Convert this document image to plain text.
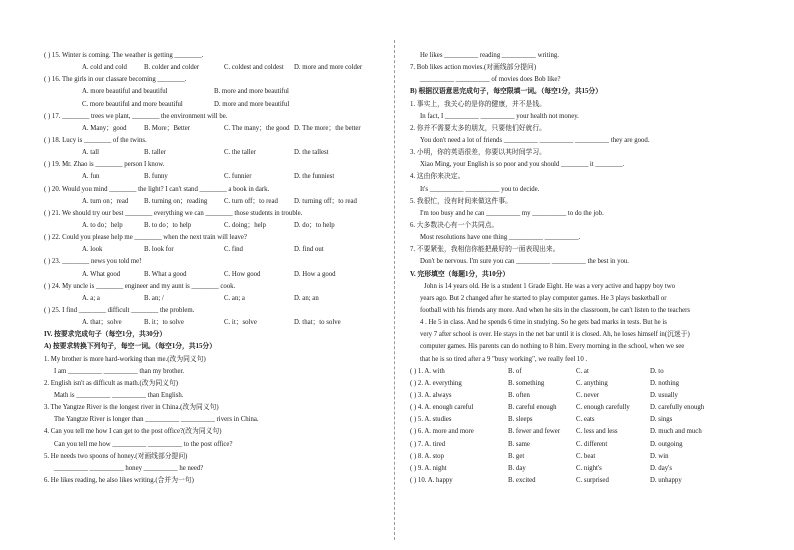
( ) 15. Winter is coming. The weather is getting ________.
A. cold and cold	B. colder and colder	C. coldest and coldest D. more and more colder
( ) 16. The girls in our classare becoming ________.
A. more beautiful and beautiful	B. more and more beautiful
C. more beautiful and more beautiful	D. more and more beautiful
( ) 17. ________ trees we plant, ________ the environment will be.
A. Many；good	B. More；Better	C. The many；the good D. The more；the better
( ) 18. Lucy is ________ of the twins.
A. tall	B. taller	C. the taller	D. the tallest
( ) 19. Mr. Zhao is ________ person I know.
A. fun	B. funny	C. funnier	D. the funniest
( ) 20. Would you mind ________ the light? I can't stand ________ a book in dark.
A. turn on；read B. turning on；reading C. turn off；to read D. turning off；to read
( ) 21. We should try our best ________ everything we can ________ those students in trouble.
A. to do；help	B. to do；to help	C. doing；help	D. do；to help
( ) 22. Could you please help me ________ when the next train will leave?
A. look	B. look for	C. find	D. find out
( ) 23. ________ news you told me!
A. What good	B. What a good	C. How good	D. How a good
( ) 24. My uncle is ________ engineer and my aunt is ________ cook.
A. a; a	B. an; /	C. an; a	D. an; an
( ) 25. I find ________ difficult ________ the problem.
A. that；solve	B. it；to solve	C. it；solve	D. that；to solve
IV. 按要求完成句子（每空1分，共30分）
A) 按要求转换下列句子，每空一词。（每空1分，共15分）
1. My brother is more hard-working than me.(改为同义句)
I am __________ __________ than my brother.
2. English isn't as difficult as math.(改为同义句)
Math is __________ __________ than English.
3. The Yangtze River is the longest river in China.(改为同义句)
The Yangtze River is longer than __________ __________ rivers in China.
4. Can you tell me how I can get to the post office?(改为同义句)
Can you tell me how __________ __________ to the post office?
5. He needs two spoons of honey.(对画线部分提问)
__________ __________ honey __________ he need?
6. He likes reading, he also likes writing.(合并为一句)
He likes __________ reading __________ writing.
7. Bob likes action movies.(对画线部分提问)
__________ __________ of movies does Bob like?
B) 根据汉语意思完成句子，每空限填一词。（每空1分，共15分）
1. 事实上，我关心的是你的健康，并不是钱。
In fact, I __________ __________ your health not money.
2. 你并不需要太多的朋友，只要他们好就行。
You don't need a lot of friends __________ __________ __________ they are good.
3. 小明，你的英语很差，你要以其时间学习。
Xiao Ming, your English is so poor and you should ________ it ________.
4. 这由你来决定。
It's __________ __________ you to decide.
5. 我很忙，没有时间来做这件事。
I'm too busy and he can __________ my __________ to do the job.
6. 大多数决心有一个共同点。
Most resolutions have one thing __________ __________.
7. 不要紧张，我相信你能把最好的一面表现出来。
Don't be nervous. I'm sure you can __________ __________ the best in you.
V. 完形填空（每题1分，共10分）
John is 14 years old. He is a student 1 Grade Eight. He was a very active and happy boy two
years ago. But 2 changed after he started to play computer games. He 3 plays basketball or
football with his friends any more. And when he sits in the classroom, he can't listen to the teachers
4 . He 5 in class. And he spends 6 time in studying. So he gets bad marks in tests. But he is
very 7 after school is over. He stays in the net bar until it is closed. Ah, he loses himself in(沉迷于)
computer games. His parents can do nothing to 8 him. Every morning in the school, when we see
that he is so tired after a 9 "busy working", we really feel 10 .
( ) 1. A. with	B. of	C. at	D. to
( ) 2. A. everything	B. something	C. anything	D. nothing
( ) 3. A. always	B. often	C. never	D. usually
( ) 4. A. enough careful	B. careful enough	C. enough carefully	D. carefully enough
( ) 5. A. studies	B. sleeps	C. eats	D. sings
( ) 6. A. more and more	B. fewer and fewer C. less and less	D. much and much
( ) 7. A. tired	B. same	C. different	D. outgoing
( ) 8. A. stop	B. get	C. beat	D. win
( ) 9. A. night	B. day	C. night's	D. day's
( ) 10. A. happy	B. excited	C. surprised	D. unhappy
